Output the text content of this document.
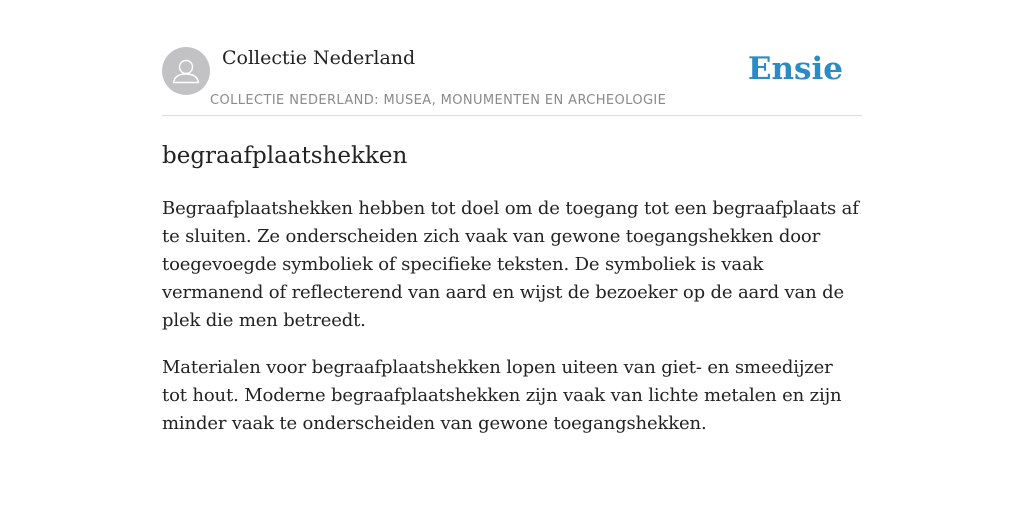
Collectie Nederland
COLLECTIE NEDERLAND: MUSEA, MONUMENTEN EN ARCHEOLOGIE
Ensie
begraafplaatshekken

Begraafplaatshekken hebben tot doel om de toegang tot een begraafplaats af te sluiten. Ze onderscheiden zich vaak van gewone toegangshekken door toegevoegde symboliek of specifieke teksten. De symboliek is vaak vermanend of reflecterend van aard en wijst de bezoeker op de aard van de plek die men betreedt.

Materialen voor begraafplaatshekken lopen uiteen van giet- en smeedijzer tot hout. Moderne begraafplaatshekken zijn vaak van lichte metalen en zijn minder vaak te onderscheiden van gewone toegangshekken.
